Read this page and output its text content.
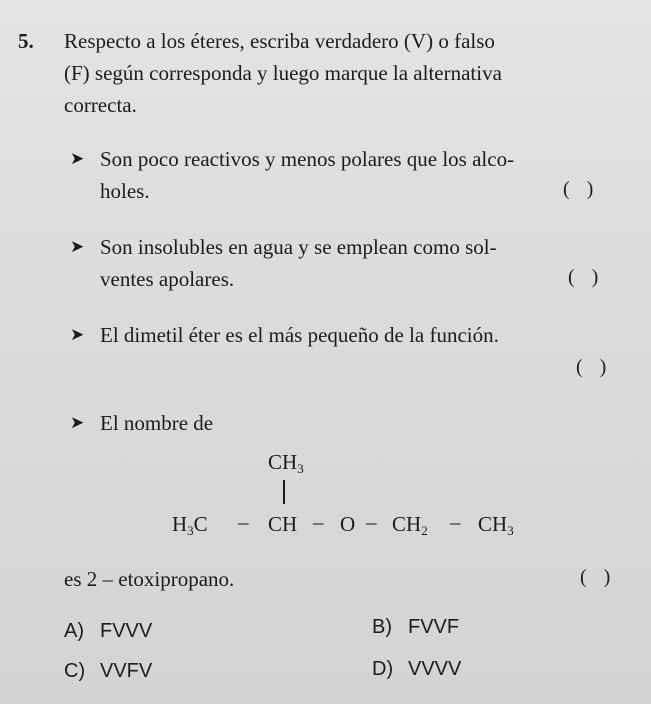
5. Respecto a los éteres, escriba verdadero (V) o falso
(F) según corresponda y luego marque la alternativa
correcta.
➤ Son poco reactivos y menos polares que los alco-
holes.	( )
➤ Son insolubles en agua y se emplean como sol-
ventes apolares.	( )
➤ El dimetil éter es el más pequeño de la función.
( )
➤ El nombre de
$CH_3$
$H_3C$ – CH – O – $CH_2 - CH_3$
es 2 – etoxipropano.	( )
A) FVVV	B) FVVF
C) VVFV	D) VVVV
